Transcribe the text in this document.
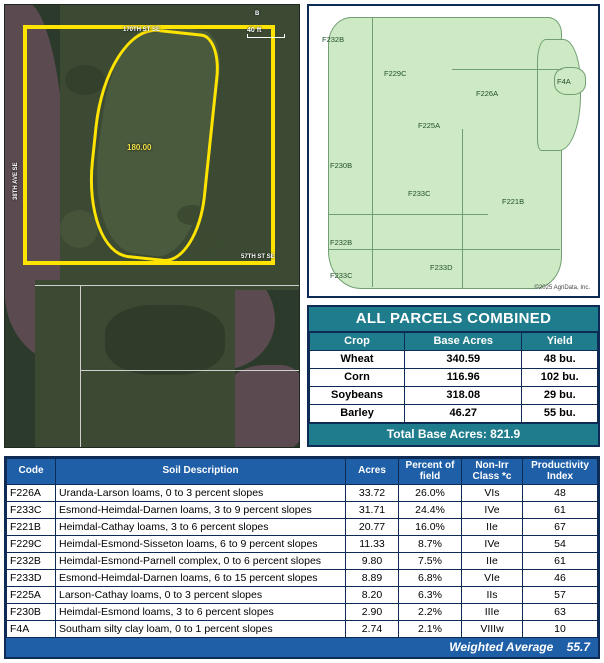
180.00
38TH AVE SE
170TH ST SE
57TH ST SE
B
40 ft
F232B
F229C
F226A
F4A
F225A
F230B
F233C
F221B
F232B
F233D
F233C
©2025 AgriData, Inc.
ALL PARCELS COMBINED
Crop	Base Acres	Yield
Wheat	340.59	48 bu.
Corn	116.96	102 bu.
Soybeans	318.08	29 bu.
Barley	46.27	55 bu.
Total Base Acres: 821.9
Code	Soil Description	Acres	Percent of field	Non-Irr Class *c	Productivity Index
F226A	Uranda-Larson loams, 0 to 3 percent slopes	33.72	26.0%	VIs	48
F233C	Esmond-Heimdal-Darnen loams, 3 to 9 percent slopes	31.71	24.4%	IVe	61
F221B	Heimdal-Cathay loams, 3 to 6 percent slopes	20.77	16.0%	IIe	67
F229C	Heimdal-Esmond-Sisseton loams, 6 to 9 percent slopes	11.33	8.7%	IVe	54
F232B	Heimdal-Esmond-Parnell complex, 0 to 6 percent slopes	9.80	7.5%	IIe	61
F233D	Esmond-Heimdal-Darnen loams, 6 to 15 percent slopes	8.89	6.8%	VIe	46
F225A	Larson-Cathay loams, 0 to 3 percent slopes	8.20	6.3%	IIs	57
F230B	Heimdal-Esmond loams, 3 to 6 percent slopes	2.90	2.2%	IIIe	63
F4A	Southam silty clay loam, 0 to 1 percent slopes	2.74	2.1%	VIIIw	10
Weighted Average 55.7
